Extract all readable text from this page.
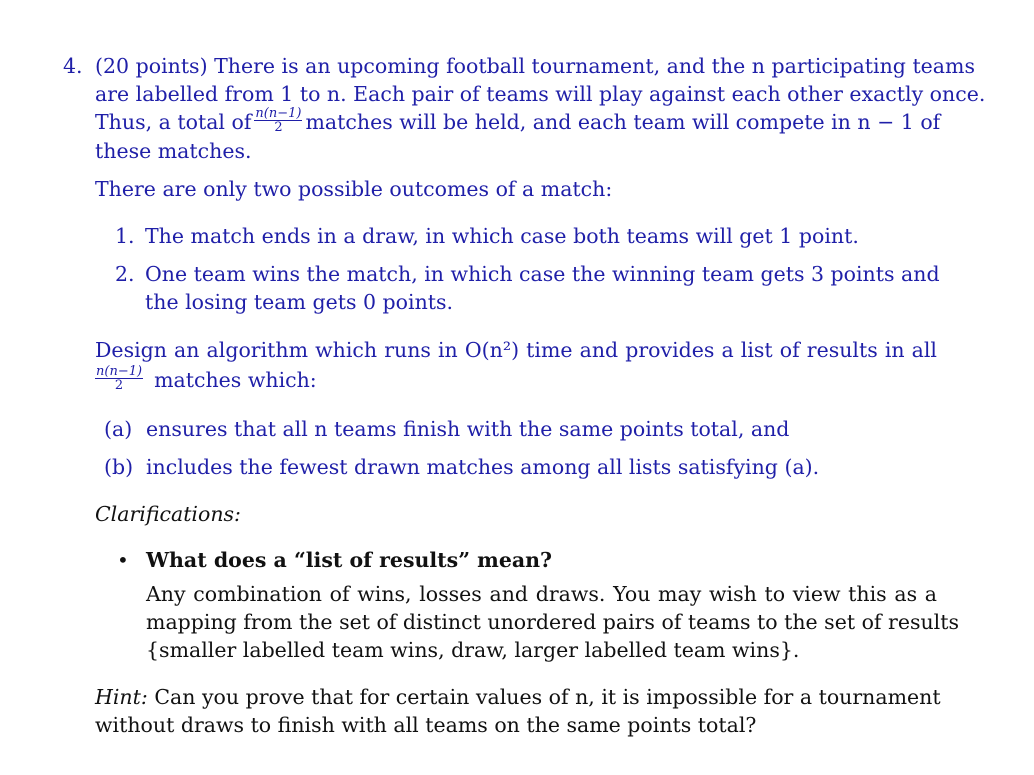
4. (20 points) There is an upcoming football tournament, and the n participating teams
are labelled from 1 to n. Each pair of teams will play against each other exactly once.
Thus, a total of $\frac{n(n-1)}{2}$ matches will be held, and each team will compete in n − 1 of
these matches.
There are only two possible outcomes of a match:
1. The match ends in a draw, in which case both teams will get 1 point.
2. One team wins the match, in which case the winning team gets 3 points and
the losing team gets 0 points.
Design an algorithm which runs in O(n²) time and provides a list of results in all
$\frac{n(n-1)}{2}$ matches which:
(a) ensures that all n teams finish with the same points total, and
(b) includes the fewest drawn matches among all lists satisfying (a).
Clarifications:
• What does a “list of results” mean?
Any combination of wins, losses and draws. You may wish to view this as a
mapping from the set of distinct unordered pairs of teams to the set of results
{smaller labelled team wins, draw, larger labelled team wins}.
Hint: Can you prove that for certain values of n, it is impossible for a tournament
without draws to finish with all teams on the same points total?
